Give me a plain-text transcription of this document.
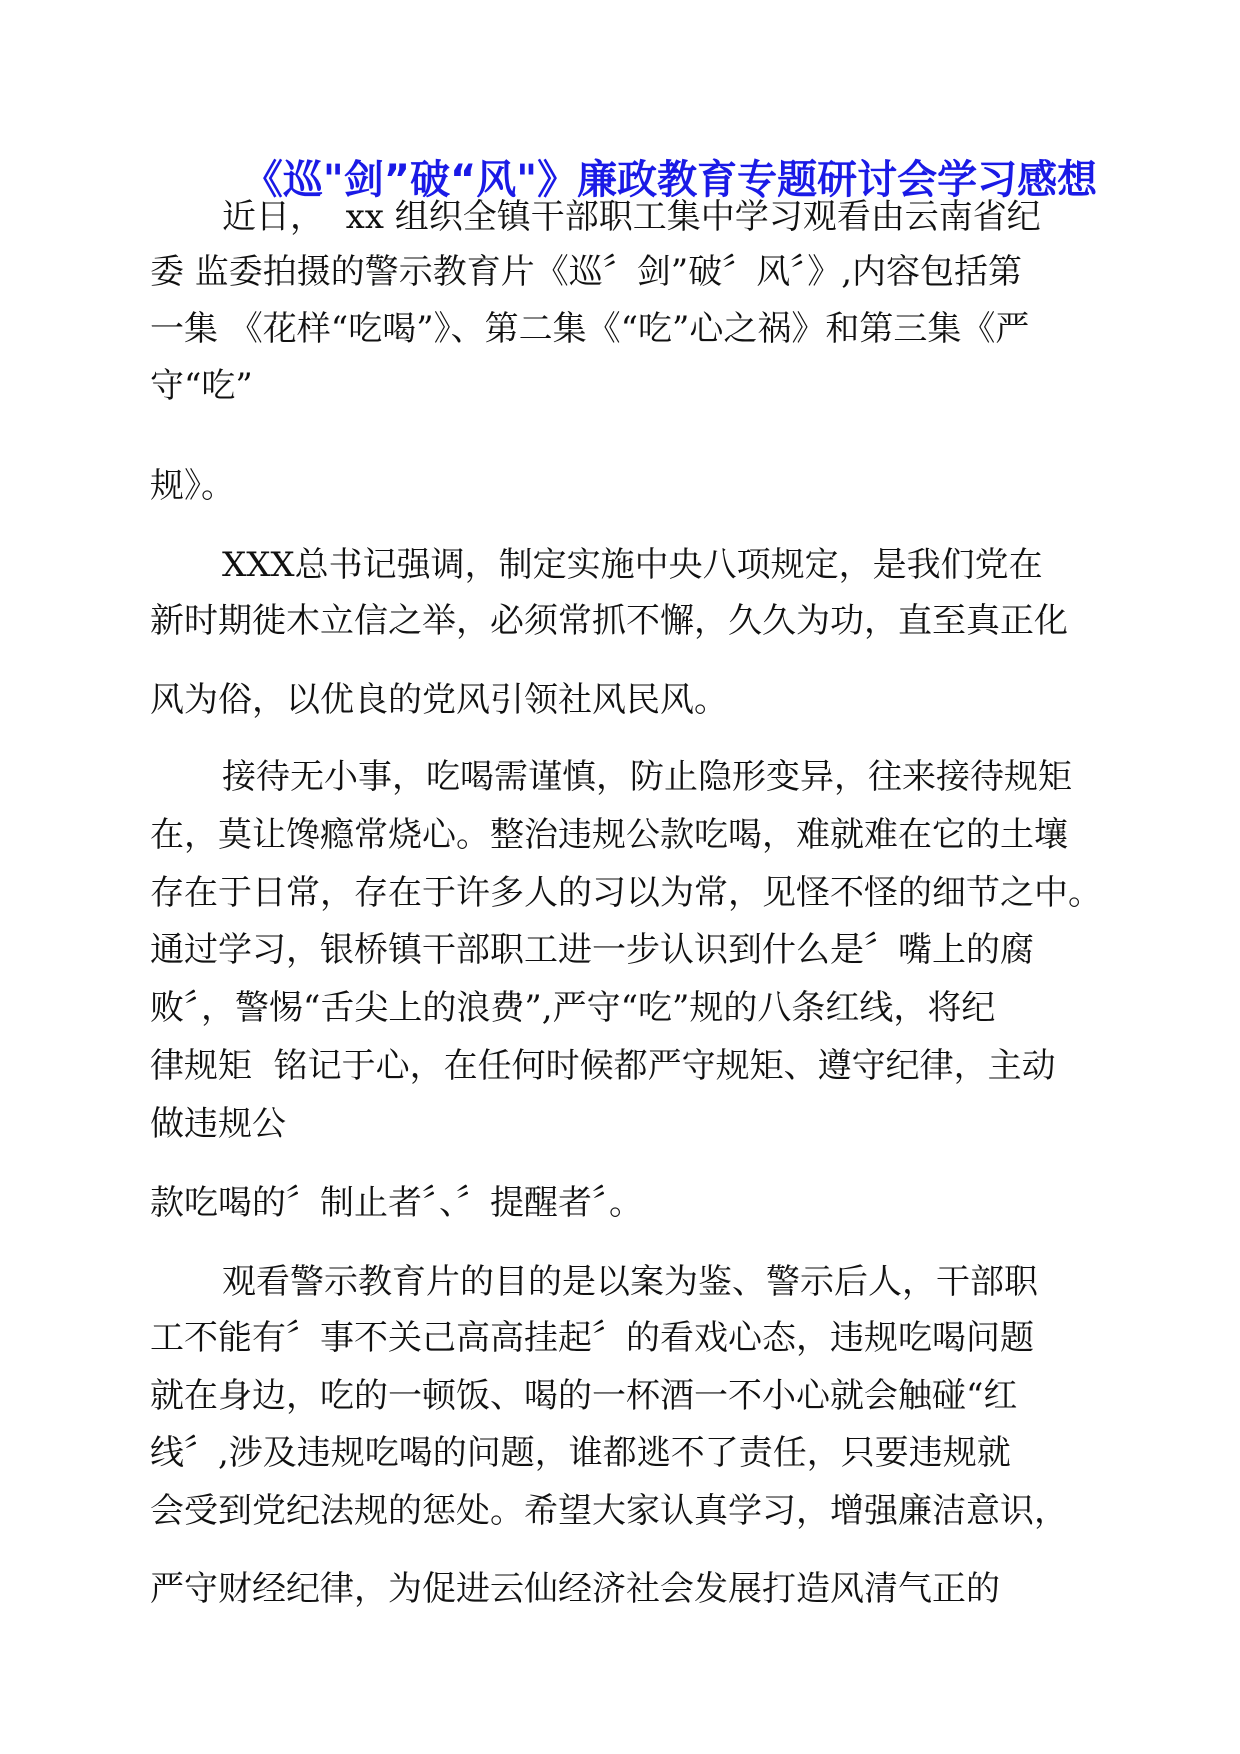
《巡"剑”破“风"》廉政教育专题研讨会学习感想
近日，  xx 组织全镇干部职工集中学习观看由云南省纪
委 监委拍摄的警示教育片《巡〞剑”破〞风〞》,内容包括第
一集 《花样“吃喝”》、第二集《“吃”心之祸》和第三集《严
守“吃”
规》。
XXX总书记强调，制定实施中央八项规定，是我们党在
新时期徙木立信之举，必须常抓不懈，久久为功，直至真正化
风为俗，以优良的党风引领社风民风。
接待无小事，吃喝需谨慎，防止隐形变异，往来接待规矩
在，莫让馋瘾常烧心。整治违规公款吃喝，难就难在它的土壤
存在于日常，存在于许多人的习以为常，见怪不怪的细节之中。
通过学习，银桥镇干部职工进一步认识到什么是〞嘴上的腐
败〞，警惕“舌尖上的浪费”,严守“吃”规的八条红线，将纪
律规矩  铭记于心，在任何时候都严守规矩、遵守纪律，主动
做违规公
款吃喝的〞制止者〞、〞提醒者〞。
观看警示教育片的目的是以案为鉴、警示后人，干部职
工不能有〞事不关己高高挂起〞的看戏心态，违规吃喝问题
就在身边，吃的一顿饭、喝的一杯酒一不小心就会触碰“红
线〞,涉及违规吃喝的问题，谁都逃不了责任，只要违规就
会受到党纪法规的惩处。希望大家认真学习，增强廉洁意识，
严守财经纪律，为促进云仙经济社会发展打造风清气正的
